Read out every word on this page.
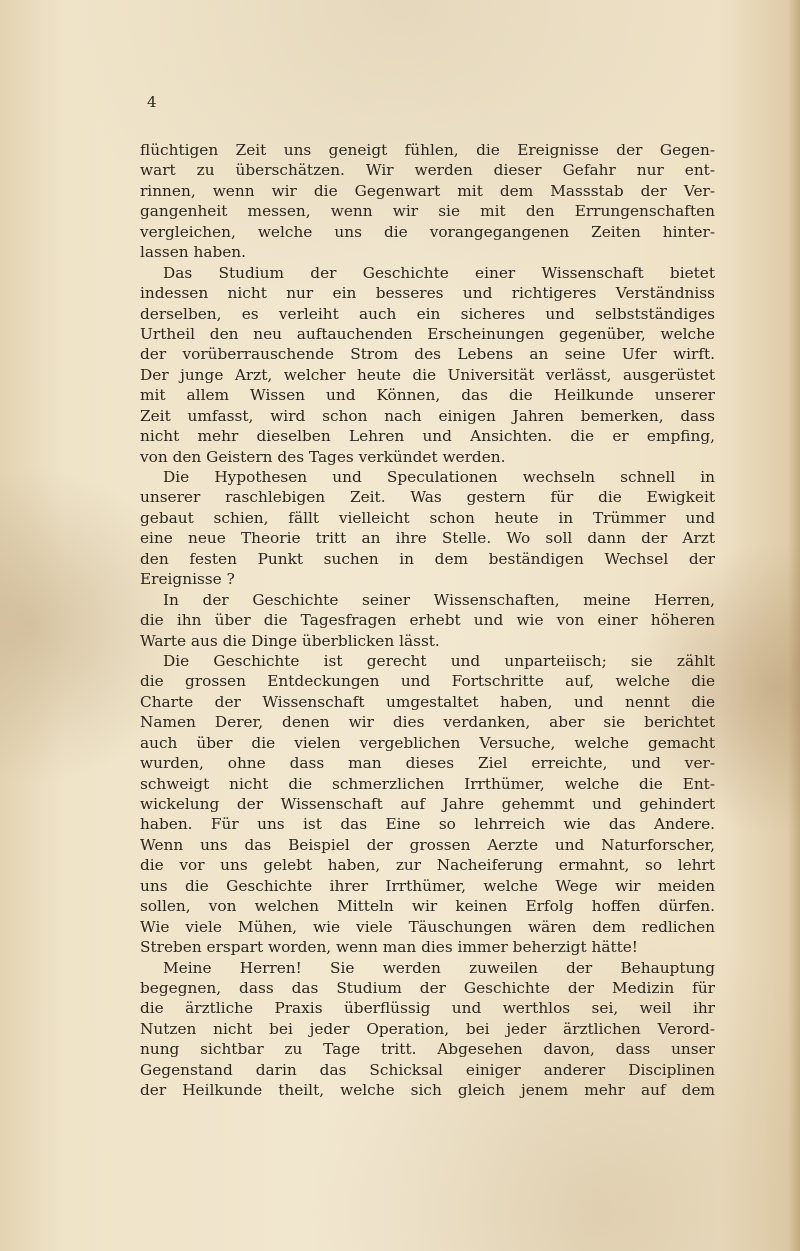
4

flüchtigen Zeit uns geneigt fühlen, die Ereignisse der Gegen-
wart zu überschätzen. Wir werden dieser Gefahr nur ent-
rinnen, wenn wir die Gegenwart mit dem Massstab der Ver-
gangenheit messen, wenn wir sie mit den Errungenschaften
vergleichen, welche uns die vorangegangenen Zeiten hinter-
lassen haben.

Das Studium der Geschichte einer Wissenschaft bietet
indessen nicht nur ein besseres und richtigeres Verständniss
derselben, es verleiht auch ein sicheres und selbstständiges
Urtheil den neu auftauchenden Erscheinungen gegenüber, welche
der vorüberrauschende Strom des Lebens an seine Ufer wirft.
Der junge Arzt, welcher heute die Universität verlässt, ausgerüstet
mit allem Wissen und Können, das die Heilkunde unserer
Zeit umfasst, wird schon nach einigen Jahren bemerken, dass
nicht mehr dieselben Lehren und Ansichten. die er empfing,
von den Geistern des Tages verkündet werden.

Die Hypothesen und Speculationen wechseln schnell in
unserer raschlebigen Zeit. Was gestern für die Ewigkeit
gebaut schien, fällt vielleicht schon heute in Trümmer und
eine neue Theorie tritt an ihre Stelle. Wo soll dann der Arzt
den festen Punkt suchen in dem beständigen Wechsel der
Ereignisse ?

In der Geschichte seiner Wissenschaften, meine Herren,
die ihn über die Tagesfragen erhebt und wie von einer höheren
Warte aus die Dinge überblicken lässt.

Die Geschichte ist gerecht und unparteiisch; sie zählt
die grossen Entdeckungen und Fortschritte auf, welche die
Charte der Wissenschaft umgestaltet haben, und nennt die
Namen Derer, denen wir dies verdanken, aber sie berichtet
auch über die vielen vergeblichen Versuche, welche gemacht
wurden, ohne dass man dieses Ziel erreichte, und ver-
schweigt nicht die schmerzlichen Irrthümer, welche die Ent-
wickelung der Wissenschaft auf Jahre gehemmt und gehindert
haben. Für uns ist das Eine so lehrreich wie das Andere.
Wenn uns das Beispiel der grossen Aerzte und Naturforscher,
die vor uns gelebt haben, zur Nacheiferung ermahnt, so lehrt
uns die Geschichte ihrer Irrthümer, welche Wege wir meiden
sollen, von welchen Mitteln wir keinen Erfolg hoffen dürfen.
Wie viele Mühen, wie viele Täuschungen wären dem redlichen
Streben erspart worden, wenn man dies immer beherzigt hätte!

Meine Herren! Sie werden zuweilen der Behauptung
begegnen, dass das Studium der Geschichte der Medizin für
die ärztliche Praxis überflüssig und werthlos sei, weil ihr
Nutzen nicht bei jeder Operation, bei jeder ärztlichen Verord-
nung sichtbar zu Tage tritt. Abgesehen davon, dass unser
Gegenstand darin das Schicksal einiger anderer Disciplinen
der Heilkunde theilt, welche sich gleich jenem mehr auf dem
